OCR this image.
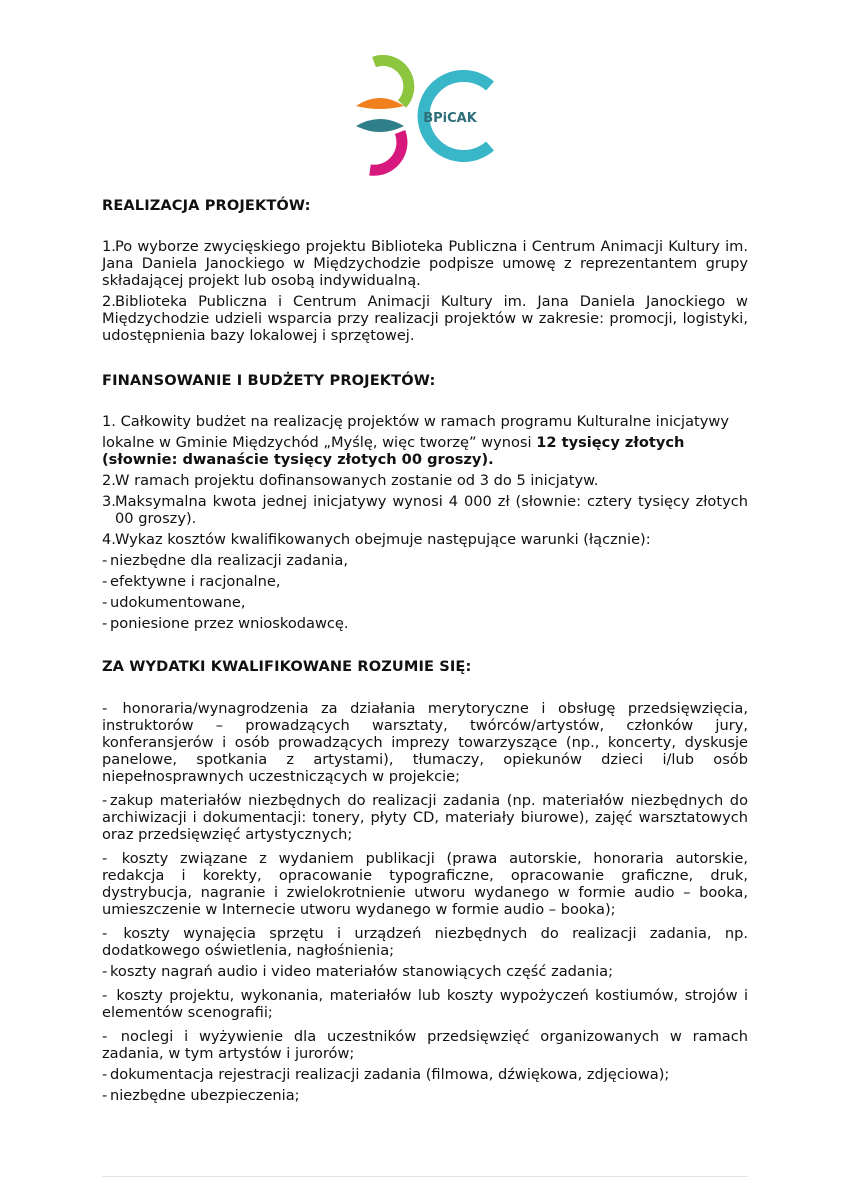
BPiCAK
REALIZACJA PROJEKTÓW:

1.Po wyborze zwycięskiego projektu Biblioteka Publiczna i Centrum Animacji Kultury im. Jana Daniela Janockiego w Międzychodzie podpisze umowę z reprezentantem grupy składającej projekt lub osobą indywidualną.

2.Biblioteka Publiczna i Centrum Animacji Kultury im. Jana Daniela Janockiego w Międzychodzie udzieli wsparcia przy realizacji projektów w zakresie: promocji, logistyki, udostępnienia bazy lokalowej i sprzętowej.

FINANSOWANIE I BUDŻETY PROJEKTÓW:

1. Całkowity budżet na realizację projektów w ramach programu Kulturalne inicjatywy

lokalne w Gminie Międzychód „Myślę, więc tworzę” wynosi 12 tysięcy złotych (słownie: dwanaście tysięcy złotych 00 groszy).

2.W ramach projektu dofinansowanych zostanie od 3 do 5 inicjatyw.

3.Maksymalna kwota jednej inicjatywy wynosi 4 000 zł (słownie: cztery tysięcy złotych 00 groszy).

4.Wykaz kosztów kwalifikowanych obejmuje następujące warunki (łącznie):

- niezbędne dla realizacji zadania,

- efektywne i racjonalne,

- udokumentowane,

- poniesione przez wnioskodawcę.

ZA WYDATKI KWALIFIKOWANE ROZUMIE SIĘ:

- honoraria/wynagrodzenia za działania merytoryczne i obsługę przedsięwzięcia, instruktorów – prowadzących warsztaty, twórców/artystów, członków jury, konferansjerów i osób prowadzących imprezy towarzyszące (np., koncerty, dyskusje panelowe, spotkania z artystami), tłumaczy, opiekunów dzieci i/lub osób niepełnosprawnych uczestniczących w projekcie;

- zakup materiałów niezbędnych do realizacji zadania (np. materiałów niezbędnych do archiwizacji i dokumentacji: tonery, płyty CD, materiały biurowe), zajęć warsztatowych oraz przedsięwzięć artystycznych;

- koszty związane z wydaniem publikacji (prawa autorskie, honoraria autorskie, redakcja i korekty, opracowanie typograficzne, opracowanie graficzne, druk, dystrybucja, nagranie i zwielokrotnienie utworu wydanego w formie audio – booka, umieszczenie w Internecie utworu wydanego w formie audio – booka);

- koszty wynajęcia sprzętu i urządzeń niezbędnych do realizacji zadania, np. dodatkowego oświetlenia, nagłośnienia;

- koszty nagrań audio i video materiałów stanowiących część zadania;

- koszty projektu, wykonania, materiałów lub koszty wypożyczeń kostiumów, strojów i elementów scenografii;

- noclegi i wyżywienie dla uczestników przedsięwzięć organizowanych w ramach zadania, w tym artystów i jurorów;

- dokumentacja rejestracji realizacji zadania (filmowa, dźwiękowa, zdjęciowa);

- niezbędne ubezpieczenia;
